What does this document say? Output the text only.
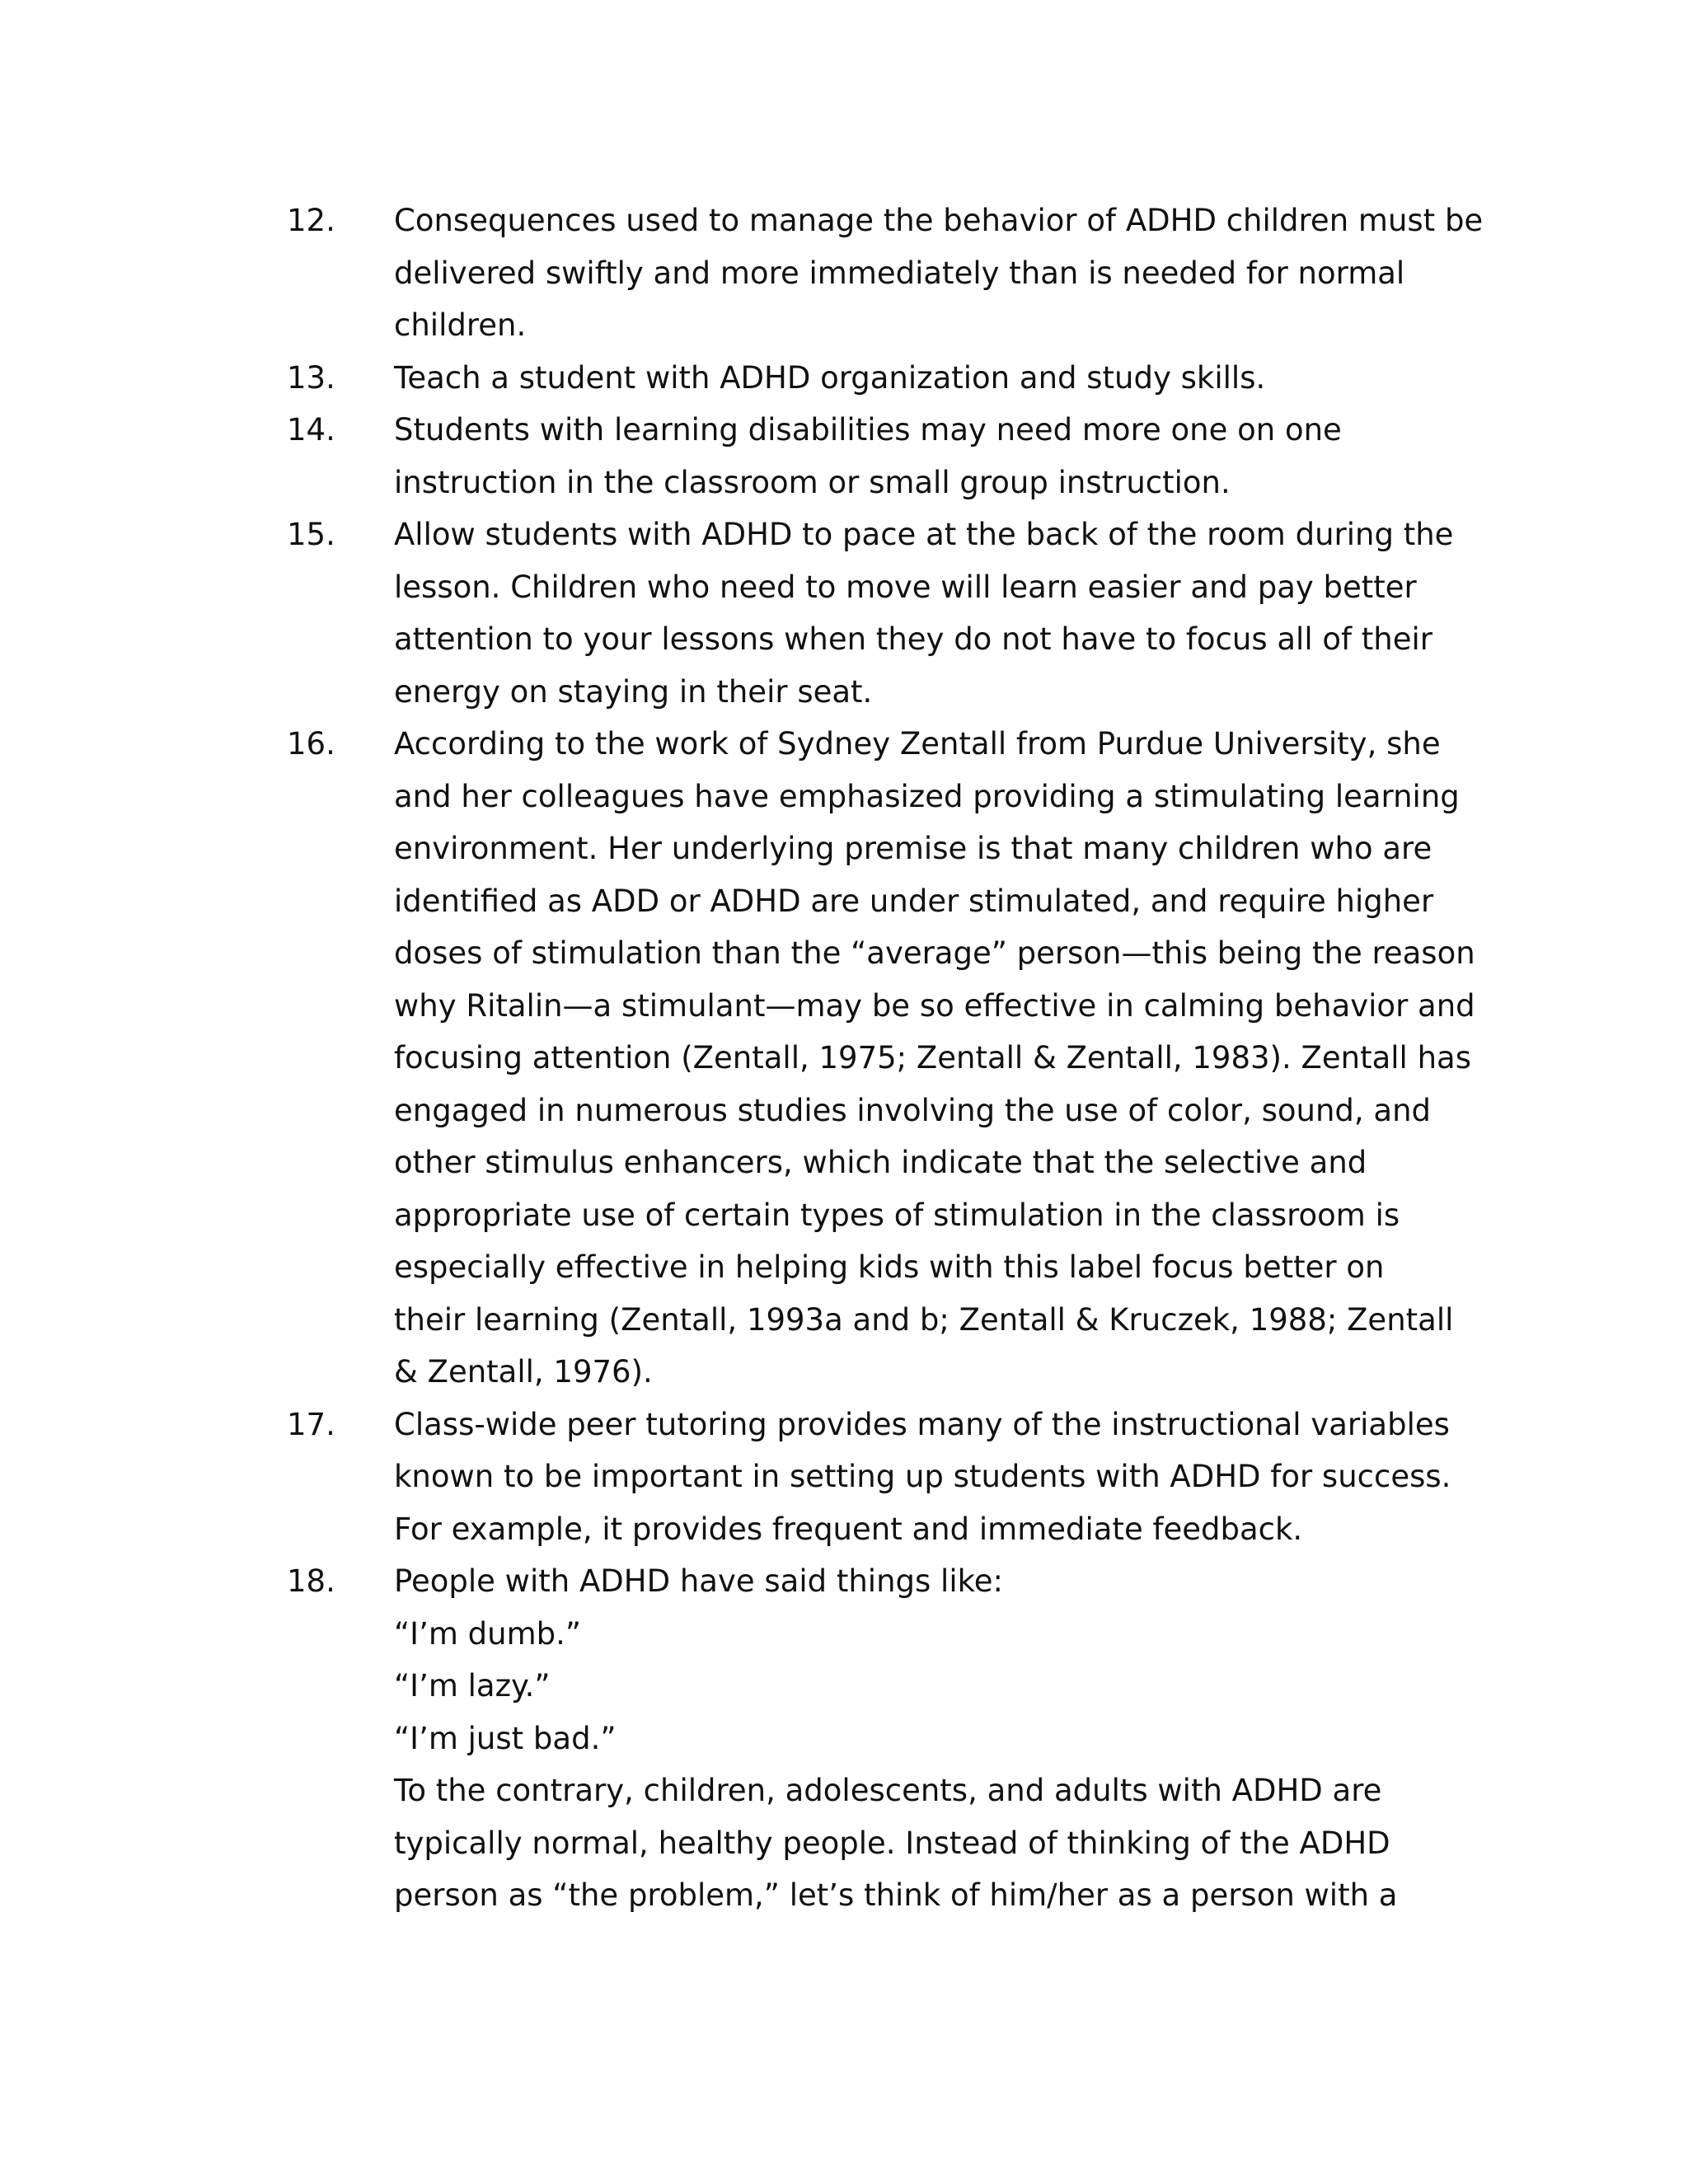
12.	Consequences used to manage the behavior of ADHD children must be
delivered swiftly and more immediately than is needed for normal
children.
13.	Teach a student with ADHD organization and study skills.
14.	Students with learning disabilities may need more one on one
instruction in the classroom or small group instruction.
15.	Allow students with ADHD to pace at the back of the room during the
lesson. Children who need to move will learn easier and pay better
attention to your lessons when they do not have to focus all of their
energy on staying in their seat.
16.	According to the work of Sydney Zentall from Purdue University, she
and her colleagues have emphasized providing a stimulating learning
environment. Her underlying premise is that many children who are
identified as ADD or ADHD are under stimulated, and require higher
doses of stimulation than the “average” person—this being the reason
why Ritalin—a stimulant—may be so effective in calming behavior and
focusing attention (Zentall, 1975; Zentall & Zentall, 1983). Zentall has
engaged in numerous studies involving the use of color, sound, and
other stimulus enhancers, which indicate that the selective and
appropriate use of certain types of stimulation in the classroom is
especially effective in helping kids with this label focus better on
their learning (Zentall, 1993a and b; Zentall & Kruczek, 1988; Zentall
& Zentall, 1976).
17.	Class-wide peer tutoring provides many of the instructional variables
known to be important in setting up students with ADHD for success.
For example, it provides frequent and immediate feedback.
18.	People with ADHD have said things like:
“I’m dumb.”
“I’m lazy.”
“I’m just bad.”
To the contrary, children, adolescents, and adults with ADHD are
typically normal, healthy people. Instead of thinking of the ADHD
person as “the problem,” let’s think of him/her as a person with a
